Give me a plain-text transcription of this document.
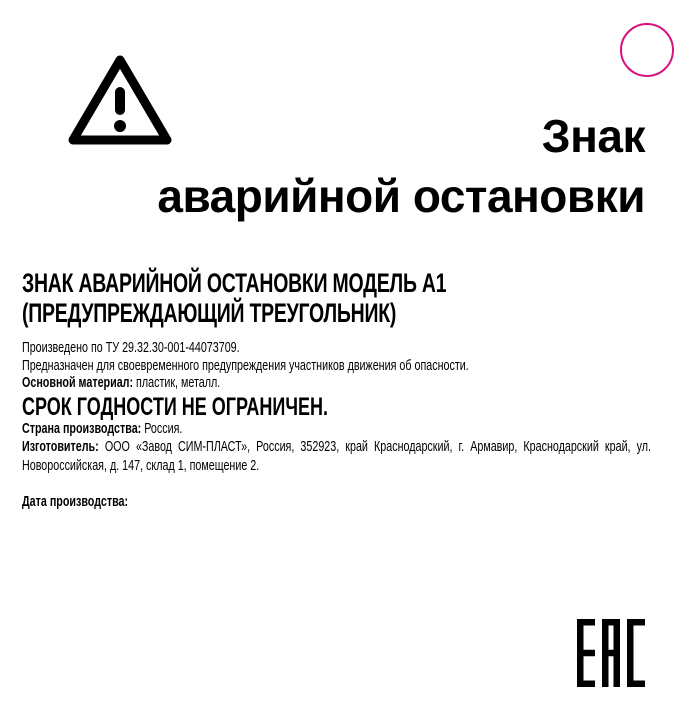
Знак
аварийной остановки
ЗНАК АВАРИЙНОЙ ОСТАНОВКИ МОДЕЛЬ А1
(ПРЕДУПРЕЖДАЮЩИЙ ТРЕУГОЛЬНИК)
Произведено по ТУ 29.32.30-001-44073709.
Предназначен для своевременного предупреждения участников движения об опасности.
Основной материал: пластик, металл.
СРОК ГОДНОСТИ НЕ ОГРАНИЧЕН.
Страна производства: Россия.
Изготовитель: ООО «Завод СИМ-ПЛАСТ», Россия, 352923, край Краснодарский, г. Армавир, Краснодарский край, ул. Новороссийская, д. 147, склад 1, помещение 2.
Дата производства:
